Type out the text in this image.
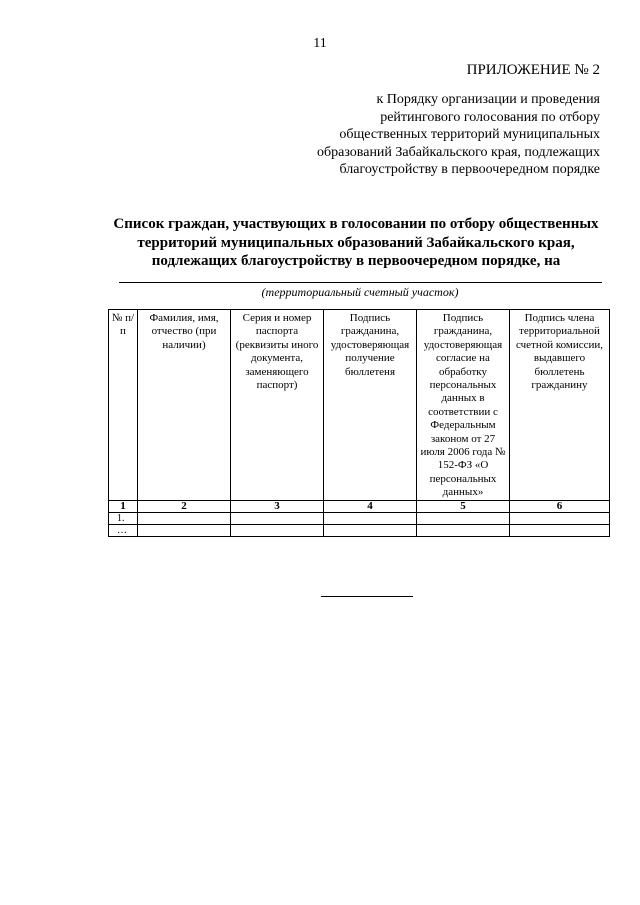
11
ПРИЛОЖЕНИЕ № 2
к Порядку организации и проведения
рейтингового голосования по отбору
общественных территорий муниципальных
образований Забайкальского края, подлежащих
благоустройству в первоочередном порядке
Список граждан, участвующих в голосовании по отбору общественных
территорий муниципальных образований Забайкальского края,
подлежащих благоустройству в первоочередном порядке, на
(территориальный счетный участок)
№ п/п	Фамилия, имя, отчество (при наличии)	Серия и номер паспорта (реквизиты иного документа, заменяющего паспорт)	Подпись гражданина, удостоверяющая получение бюллетеня	Подпись гражданина, удостоверяющая согласие на обработку персональных данных в соответствии с Федеральным законом от 27 июля 2006 года № 152-ФЗ «О персональных данных»	Подпись члена территориальной счетной комиссии, выдавшего бюллетень гражданину
1	2	3	4	5	6
1.					
…					
